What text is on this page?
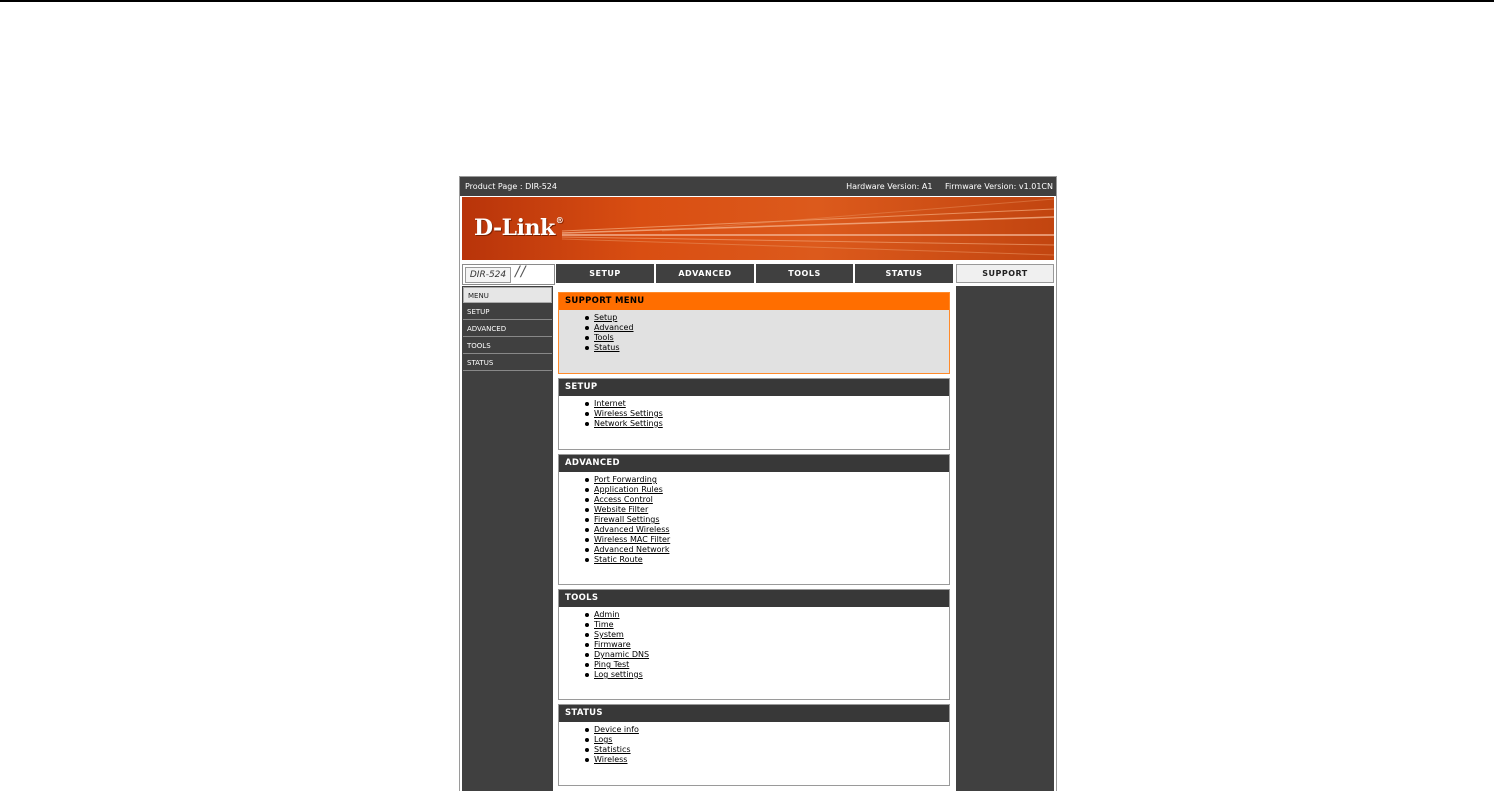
Product Page : DIR-524	Hardware Version: A1 Firmware Version: v1.01CN
D-Link®
DIR-524 //	SETUP	ADVANCED	TOOLS	STATUS	SUPPORT
MENU
SETUP
ADVANCED
TOOLS
STATUS
SUPPORT MENU
Setup
Advanced
Tools
Status
SETUP
Internet
Wireless Settings
Network Settings
ADVANCED
Port Forwarding
Application Rules
Access Control
Website Filter
Firewall Settings
Advanced Wireless
Wireless MAC Filter
Advanced Network
Static Route
TOOLS
Admin
Time
System
Firmware
Dynamic DNS
Ping Test
Log settings
STATUS
Device info
Logs
Statistics
Wireless
